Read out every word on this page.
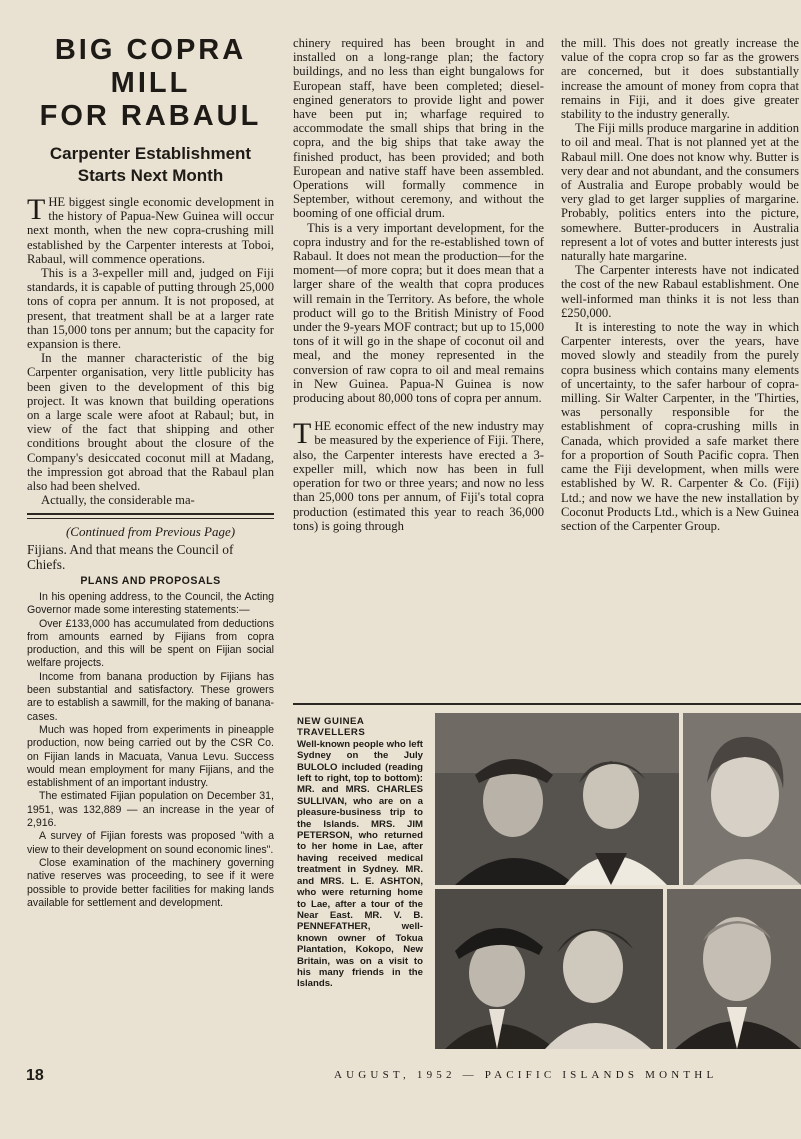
BIG COPRA MILL
FOR RABAUL
Carpenter Establishment
Starts Next Month

THE biggest single economic development in the history of Papua-New Guinea will occur next month, when the new copra-crushing mill established by the Carpenter interests at Toboi, Rabaul, will commence operations.

This is a 3-expeller mill and, judged on Fiji standards, it is capable of putting through 25,000 tons of copra per annum. It is not proposed, at present, that treatment shall be at a larger rate than 15,000 tons per annum; but the capacity for expansion is there.

In the manner characteristic of the big Carpenter organisation, very little publicity has been given to the development of this big project. It was known that building operations on a large scale were afoot at Rabaul; but, in view of the fact that shipping and other conditions brought about the closure of the Company's desiccated coconut mill at Madang, the impression got abroad that the Rabaul plan also had been shelved.

Actually, the considerable ma-

(Continued from Previous Page)

Fijians. And that means the Council of Chiefs.

PLANS AND PROPOSALS

In his opening address, to the Council, the Acting Governor made some interesting statements:—

Over £133,000 has accumulated from deductions from amounts earned by Fijians from copra production, and this will be spent on Fijian social welfare projects.

Income from banana production by Fijians has been substantial and satisfactory. These growers are to establish a sawmill, for the making of banana-cases.

Much was hoped from experiments in pineapple production, now being carried out by the CSR Co. on Fijian lands in Macuata, Vanua Levu. Success would mean employment for many Fijians, and the establishment of an important industry.

The estimated Fijian population on December 31, 1951, was 132,889 — an increase in the year of 2,916.

A survey of Fijian forests was proposed "with a view to their development on sound economic lines".

Close examination of the machinery governing native reserves was proceeding, to see if it were possible to provide better facilities for making lands available for settlement and development.

chinery required has been brought in and installed on a long-range plan; the factory buildings, and no less than eight bungalows for European staff, have been completed; diesel-engined generators to provide light and power have been put in; wharfage required to accommodate the small ships that bring in the copra, and the big ships that take away the finished product, has been provided; and both European and native staff have been assembled. Operations will formally commence in September, without ceremony, and without the booming of one official drum.

This is a very important development, for the copra industry and for the re-established town of Rabaul. It does not mean the production—for the moment—of more copra; but it does mean that a larger share of the wealth that copra produces will remain in the Territory. As before, the whole product will go to the British Ministry of Food under the 9-years MOF contract; but up to 15,000 tons of it will go in the shape of coconut oil and meal, and the money represented in the conversion of raw copra to oil and meal remains in New Guinea. Papua-N Guinea is now producing about 80,000 tons of copra per annum.

THE economic effect of the new industry may be measured by the experience of Fiji. There, also, the Carpenter interests have erected a 3-expeller mill, which now has been in full operation for two or three years; and now no less than 25,000 tons per annum, of Fiji's total copra production (estimated this year to reach 36,000 tons) is going through

the mill. This does not greatly increase the value of the copra crop so far as the growers are concerned, but it does substantially increase the amount of money from copra that remains in Fiji, and it does give greater stability to the industry generally.

The Fiji mills produce margarine in addition to oil and meal. That is not planned yet at the Rabaul mill. One does not know why. Butter is very dear and not abundant, and the consumers of Australia and Europe probably would be very glad to get larger supplies of margarine. Probably, politics enters into the picture, somewhere. Butter-producers in Australia represent a lot of votes and butter interests just naturally hate margarine.

The Carpenter interests have not indicated the cost of the new Rabaul establishment. One well-informed man thinks it is not less than £250,000.

It is interesting to note the way in which Carpenter interests, over the years, have moved slowly and steadily from the purely copra business which contains many elements of uncertainty, to the safer harbour of copra-milling. Sir Walter Carpenter, in the 'Thirties, was personally responsible for the establishment of copra-crushing mills in Canada, which provided a safe market there for a proportion of South Pacific copra. Then came the Fiji development, when mills were established by W. R. Carpenter & Co. (Fiji) Ltd.; and now we have the new installation by Coconut Products Ltd., which is a New Guinea section of the Carpenter Group.

NEW GUINEA TRAVELLERS
Well-known people who left Sydney on the July BULOLO included (reading left to right, top to bottom): MR. and MRS. CHARLES SULLIVAN, who are on a pleasure-business trip to the Islands. MRS. JIM PETERSON, who returned to her home in Lae, after having received medical treatment in Sydney. MR. and MRS. L. E. ASHTON, who were returning home to Lae, after a tour of the Near East. MR. V. B. PENNEFATHER, well-known owner of Tokua Plantation, Kokopo, New Britain, was on a visit to his many friends in the Islands.
18	AUGUST, 1952 — PACIFIC ISLANDS MONTHL
